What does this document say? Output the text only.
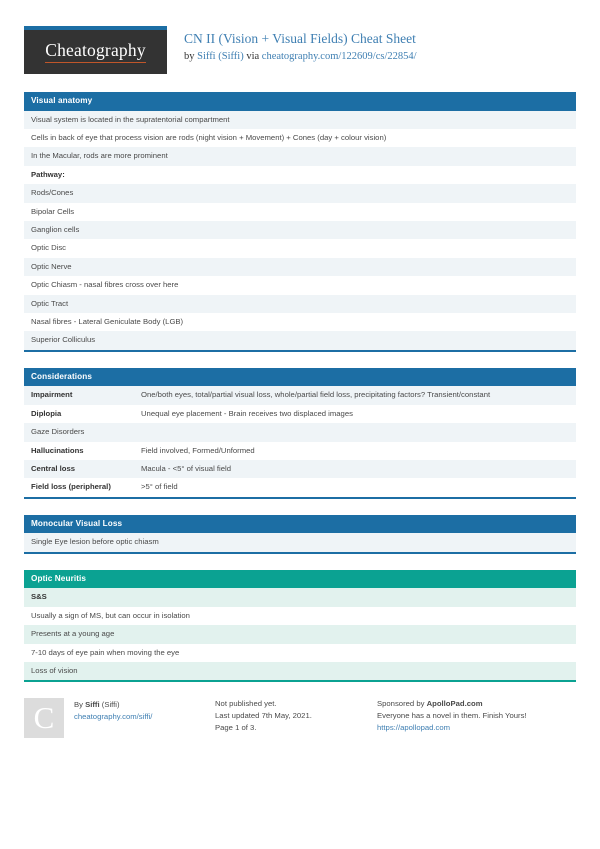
Cheatography
CN II (Vision + Visual Fields) Cheat Sheet
by Siffi (Siffi) via cheatography.com/122609/cs/22854/
Visual anatomy
Visual system is located in the supratentorial compartment
Cells in back of eye that process vision are rods (night vision + Movement) + Cones (day + colour vision)
In the Macular, rods are more prominent
Pathway:
Rods/Cones
Bipolar Cells
Ganglion cells
Optic Disc
Optic Nerve
Optic Chiasm - nasal fibres cross over here
Optic Tract
Nasal fibres - Lateral Geniculate Body (LGB)
Superior Colliculus
Considerations
Impairment	One/both eyes, total/partial visual loss, whole/partial field loss, precipitating factors? Transient/constant
Diplopia	Unequal eye placement - Brain receives two displaced images
Gaze Disorders
Hallucinations	Field involved, Formed/Unformed
Central loss	Macula - <5° of visual field
Field loss (peripheral)	>5° of field
Monocular Visual Loss
Single Eye lesion before optic chiasm
Optic Neuritis
S&S
Usually a sign of MS, but can occur in isolation
Presents at a young age
7-10 days of eye pain when moving the eye
Loss of vision
C	By Siffi (Siffi)
cheatography.com/siffi/
Not published yet.
Last updated 7th May, 2021.
Page 1 of 3.
Sponsored by ApolloPad.com
Everyone has a novel in them. Finish Yours!
https://apollopad.com
